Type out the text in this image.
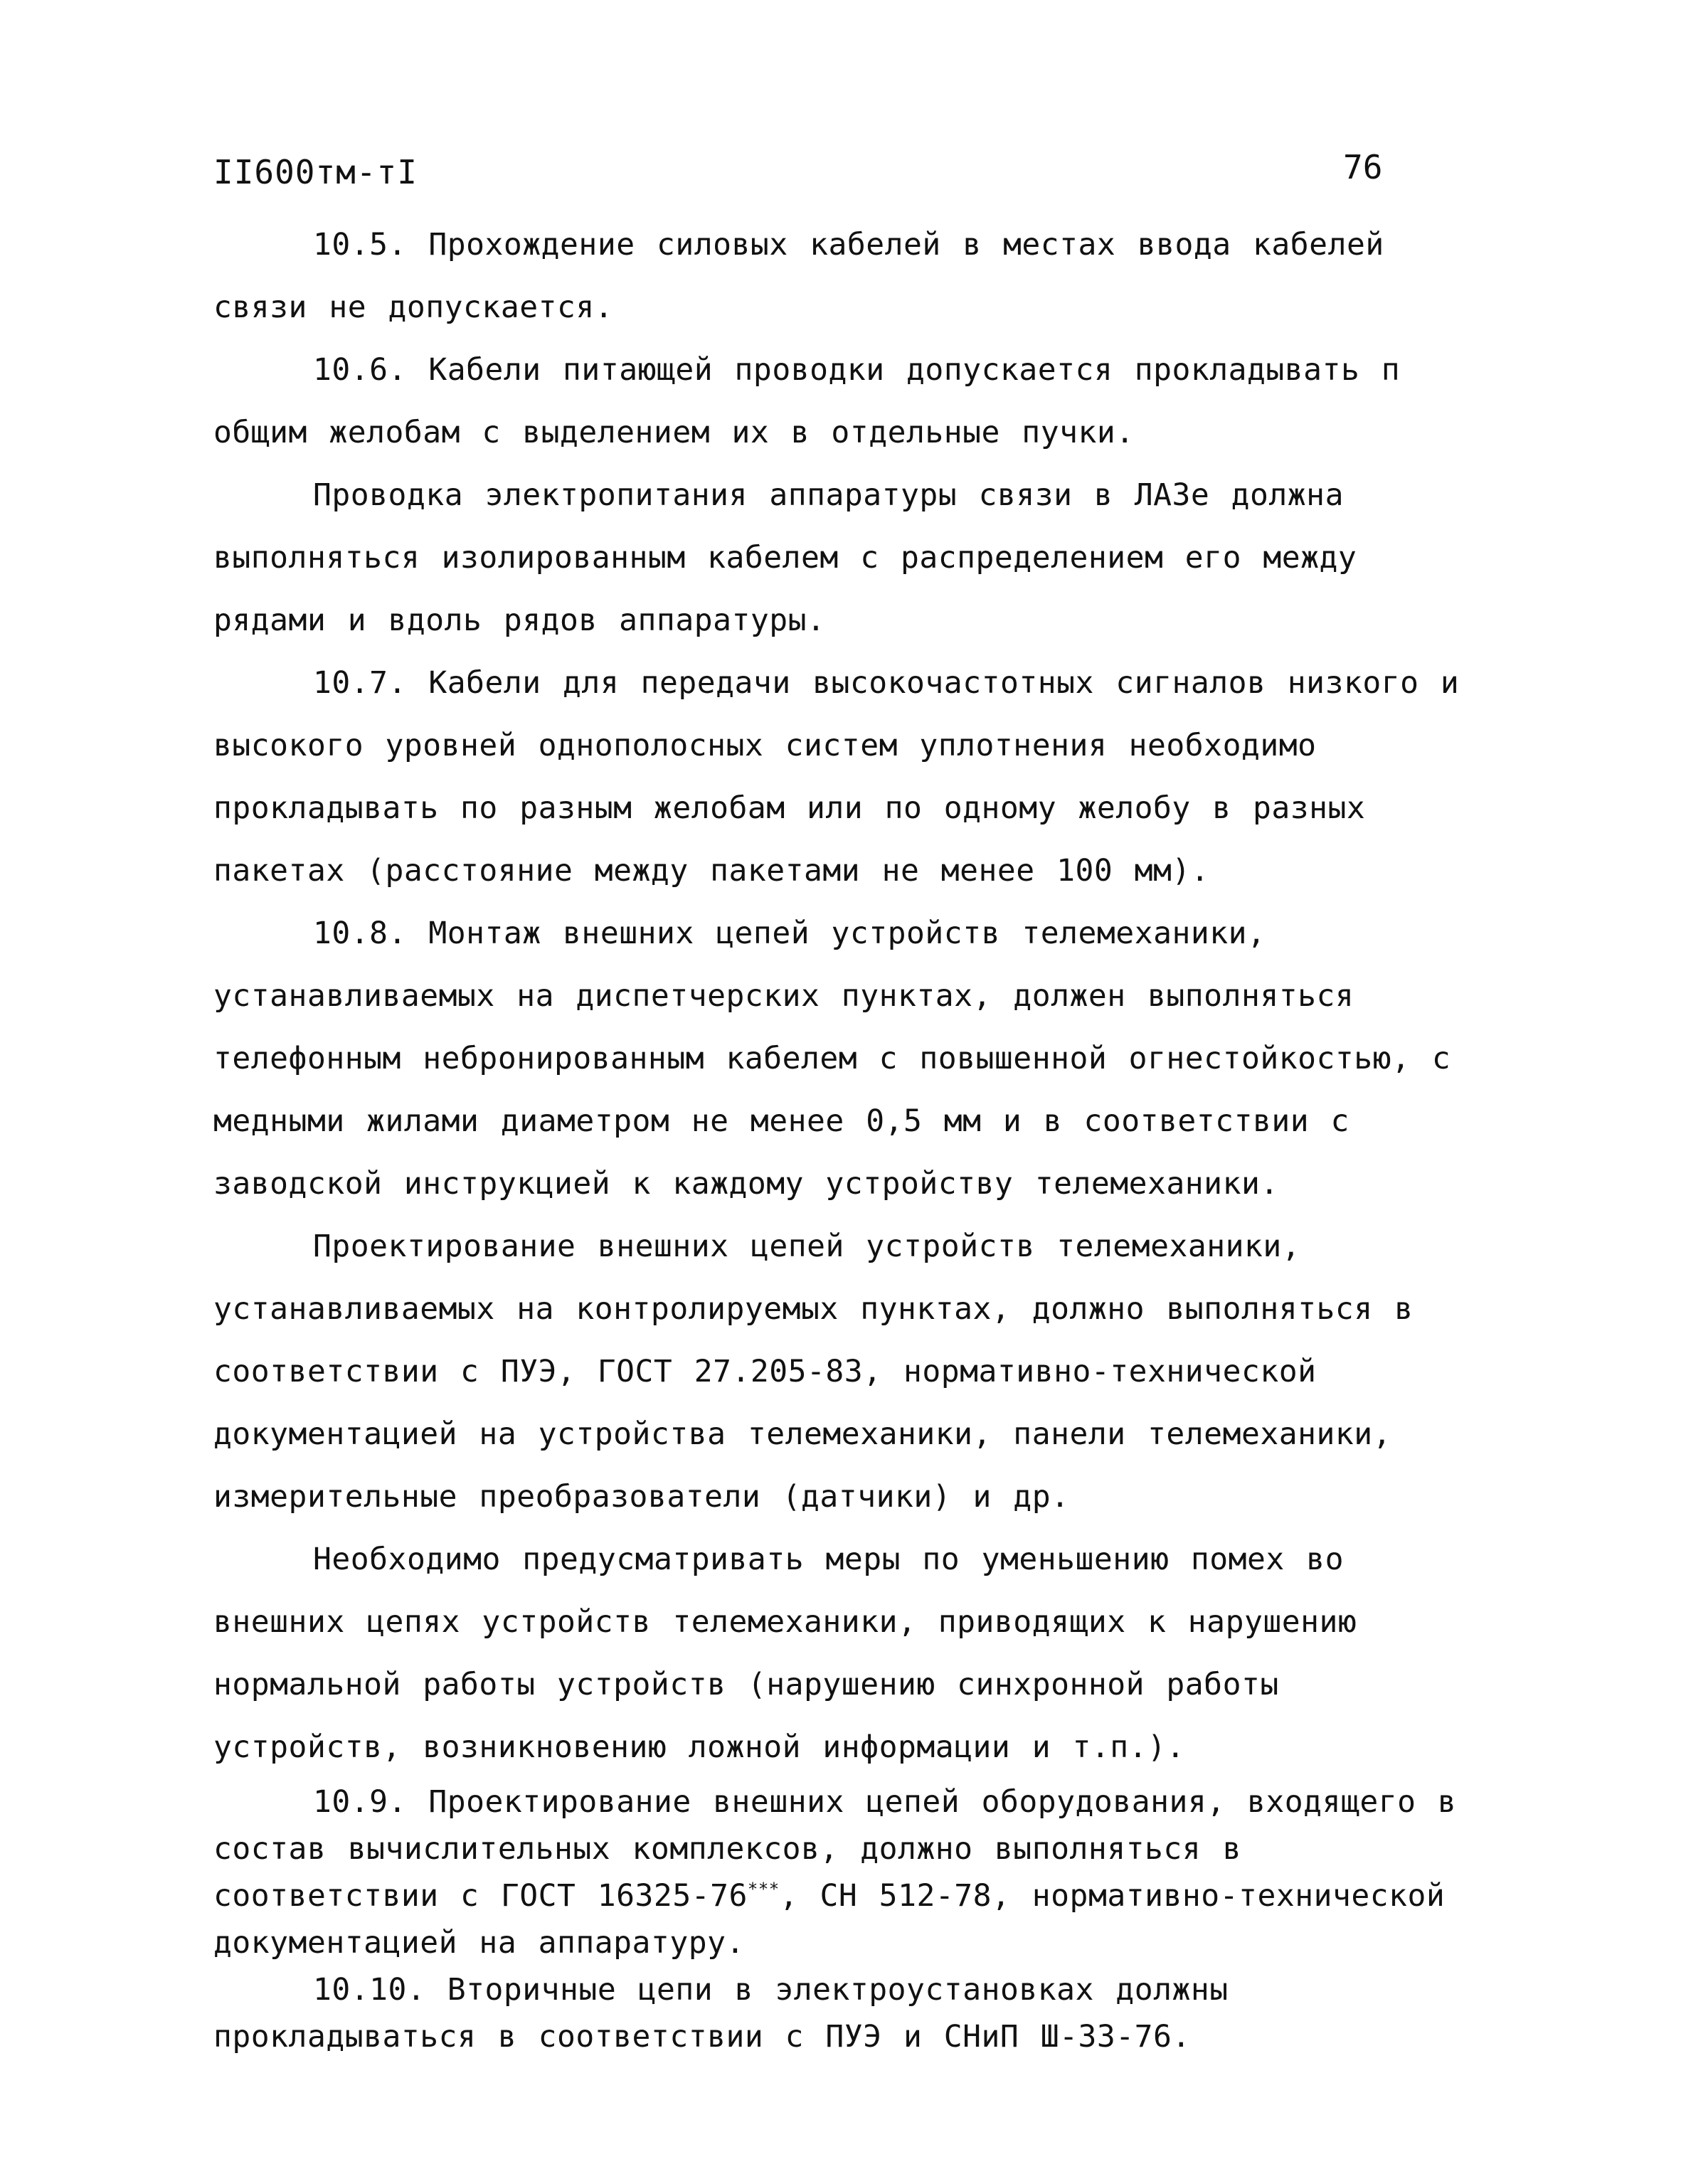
II600тм-тI	76

10.5. Прохождение силовых кабелей в местах ввода кабелей связи не допускается.

10.6. Кабели питающей проводки допускается прокладывать п общим желобам с выделением их в отдельные пучки.

Проводка электропитания аппаратуры связи в ЛАЗе должна выполняться изолированным кабелем с распределением его между рядами и вдоль рядов аппаратуры.

10.7. Кабели для передачи высокочастотных сигналов низкого и высокого уровней однополосных систем уплотнения необходимо прокладывать по разным желобам или по одному желобу в разных пакетах (расстояние между пакетами не менее 100 мм).

10.8. Монтаж внешних цепей устройств телемеханики, устанавливаемых на диспетчерских пунктах, должен выполняться телефонным небронированным кабелем с повышенной огнестойкостью, с медными жилами диаметром не менее 0,5 мм и в соответствии с заводской инструкцией к каждому устройству телемеханики.

Проектирование внешних цепей устройств телемеханики, устанавливаемых на контролируемых пунктах, должно выполняться в соответствии с ПУЭ, ГОСТ 27.205-83, нормативно-технической документацией на устройства телемеханики, панели телемеханики, измерительные преобразователи (датчики) и др.

Необходимо предусматривать меры по уменьшению помех во внешних цепях устройств телемеханики, приводящих к нарушению нормальной работы устройств (нарушению синхронной работы устройств, возникновению ложной информации и т.п.).

10.9. Проектирование внешних цепей оборудования, входящего в состав вычислительных комплексов, должно выполняться в соответствии с ГОСТ 16325-76***, СН 512-78, нормативно-технической документацией на аппаратуру.

10.10. Вторичные цепи в электроустановках должны прокладываться в соответствии с ПУЭ и СНиП Ш-33-76.
